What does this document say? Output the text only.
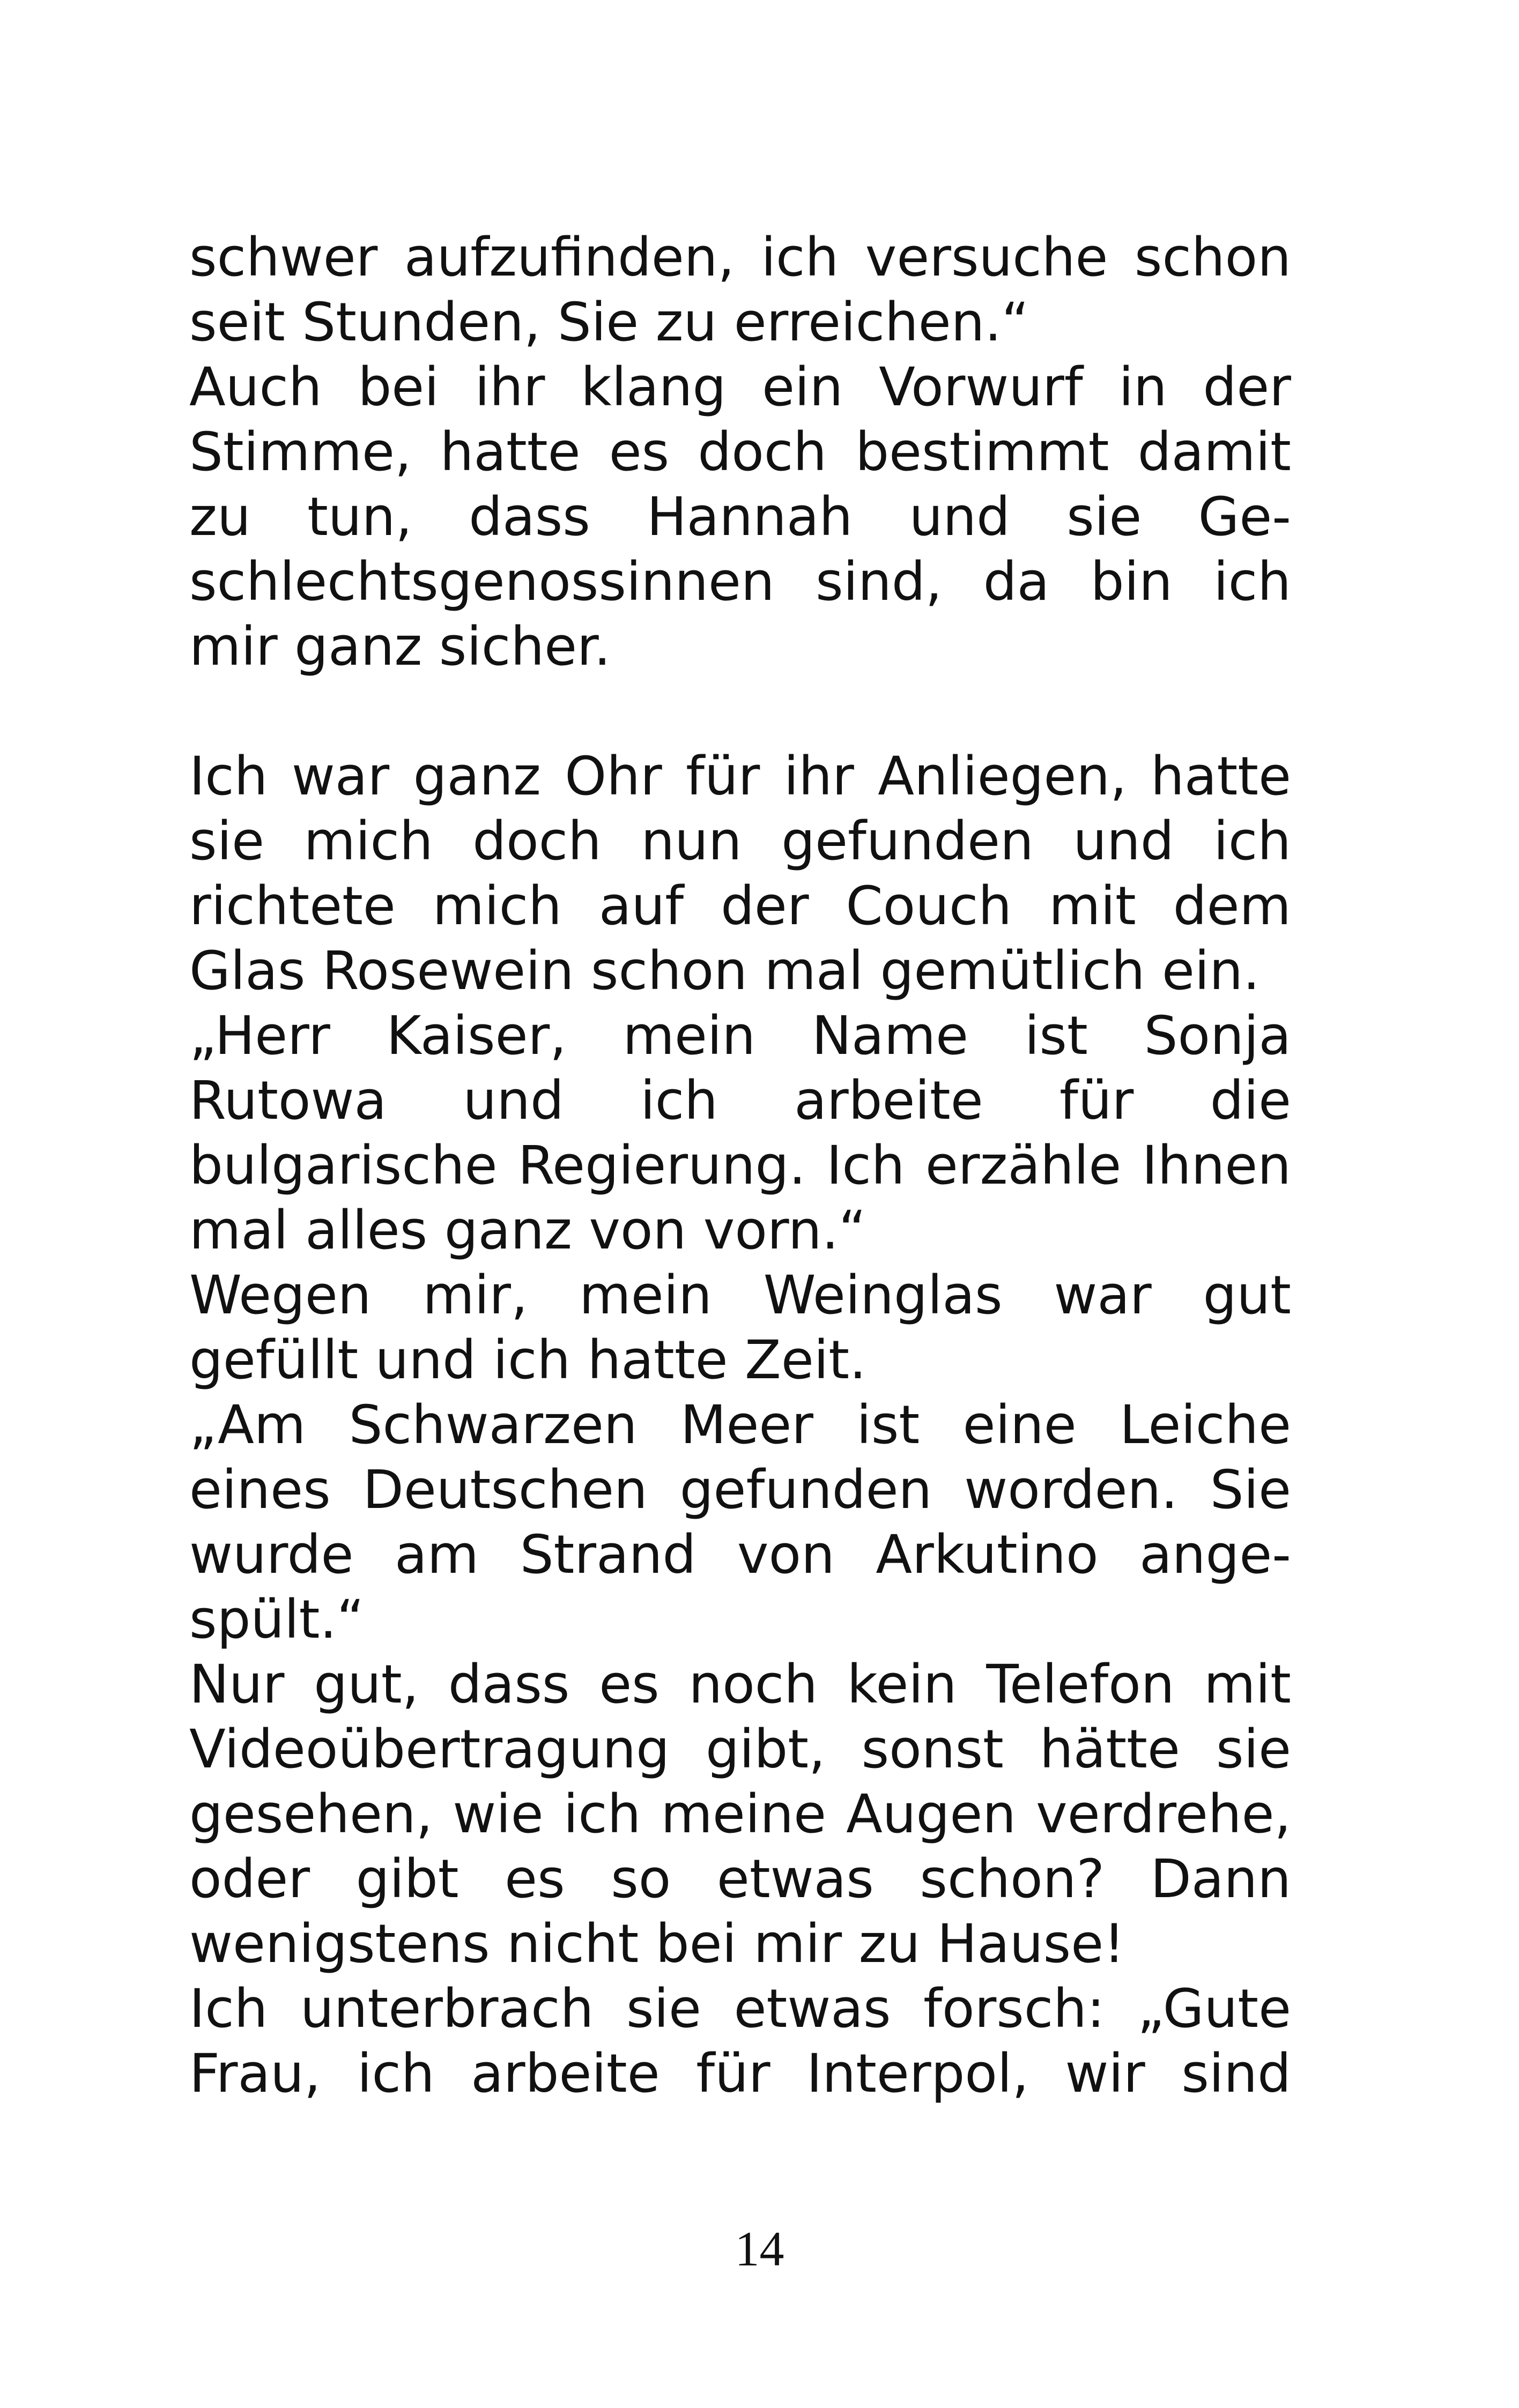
schwer aufzufinden, ich versuche schon
seit Stunden, Sie zu erreichen.“
Auch bei ihr klang ein Vorwurf in der
Stimme, hatte es doch bestimmt damit
zu tun, dass Hannah und sie Ge-
schlechtsgenossinnen sind, da bin ich
mir ganz sicher.
Ich war ganz Ohr für ihr Anliegen, hatte
sie mich doch nun gefunden und ich
richtete mich auf der Couch mit dem
Glas Rosewein schon mal gemütlich ein.
„Herr Kaiser, mein Name ist Sonja
Rutowa und ich arbeite für die
bulgarische Regierung. Ich erzähle Ihnen
mal alles ganz von vorn.“
Wegen mir, mein Weinglas war gut
gefüllt und ich hatte Zeit.
„Am Schwarzen Meer ist eine Leiche
eines Deutschen gefunden worden. Sie
wurde am Strand von Arkutino ange-
spült.“
Nur gut, dass es noch kein Telefon mit
Videoübertragung gibt, sonst hätte sie
gesehen, wie ich meine Augen verdrehe,
oder gibt es so etwas schon? Dann
wenigstens nicht bei mir zu Hause!
Ich unterbrach sie etwas forsch: „Gute
Frau, ich arbeite für Interpol, wir sind
14
